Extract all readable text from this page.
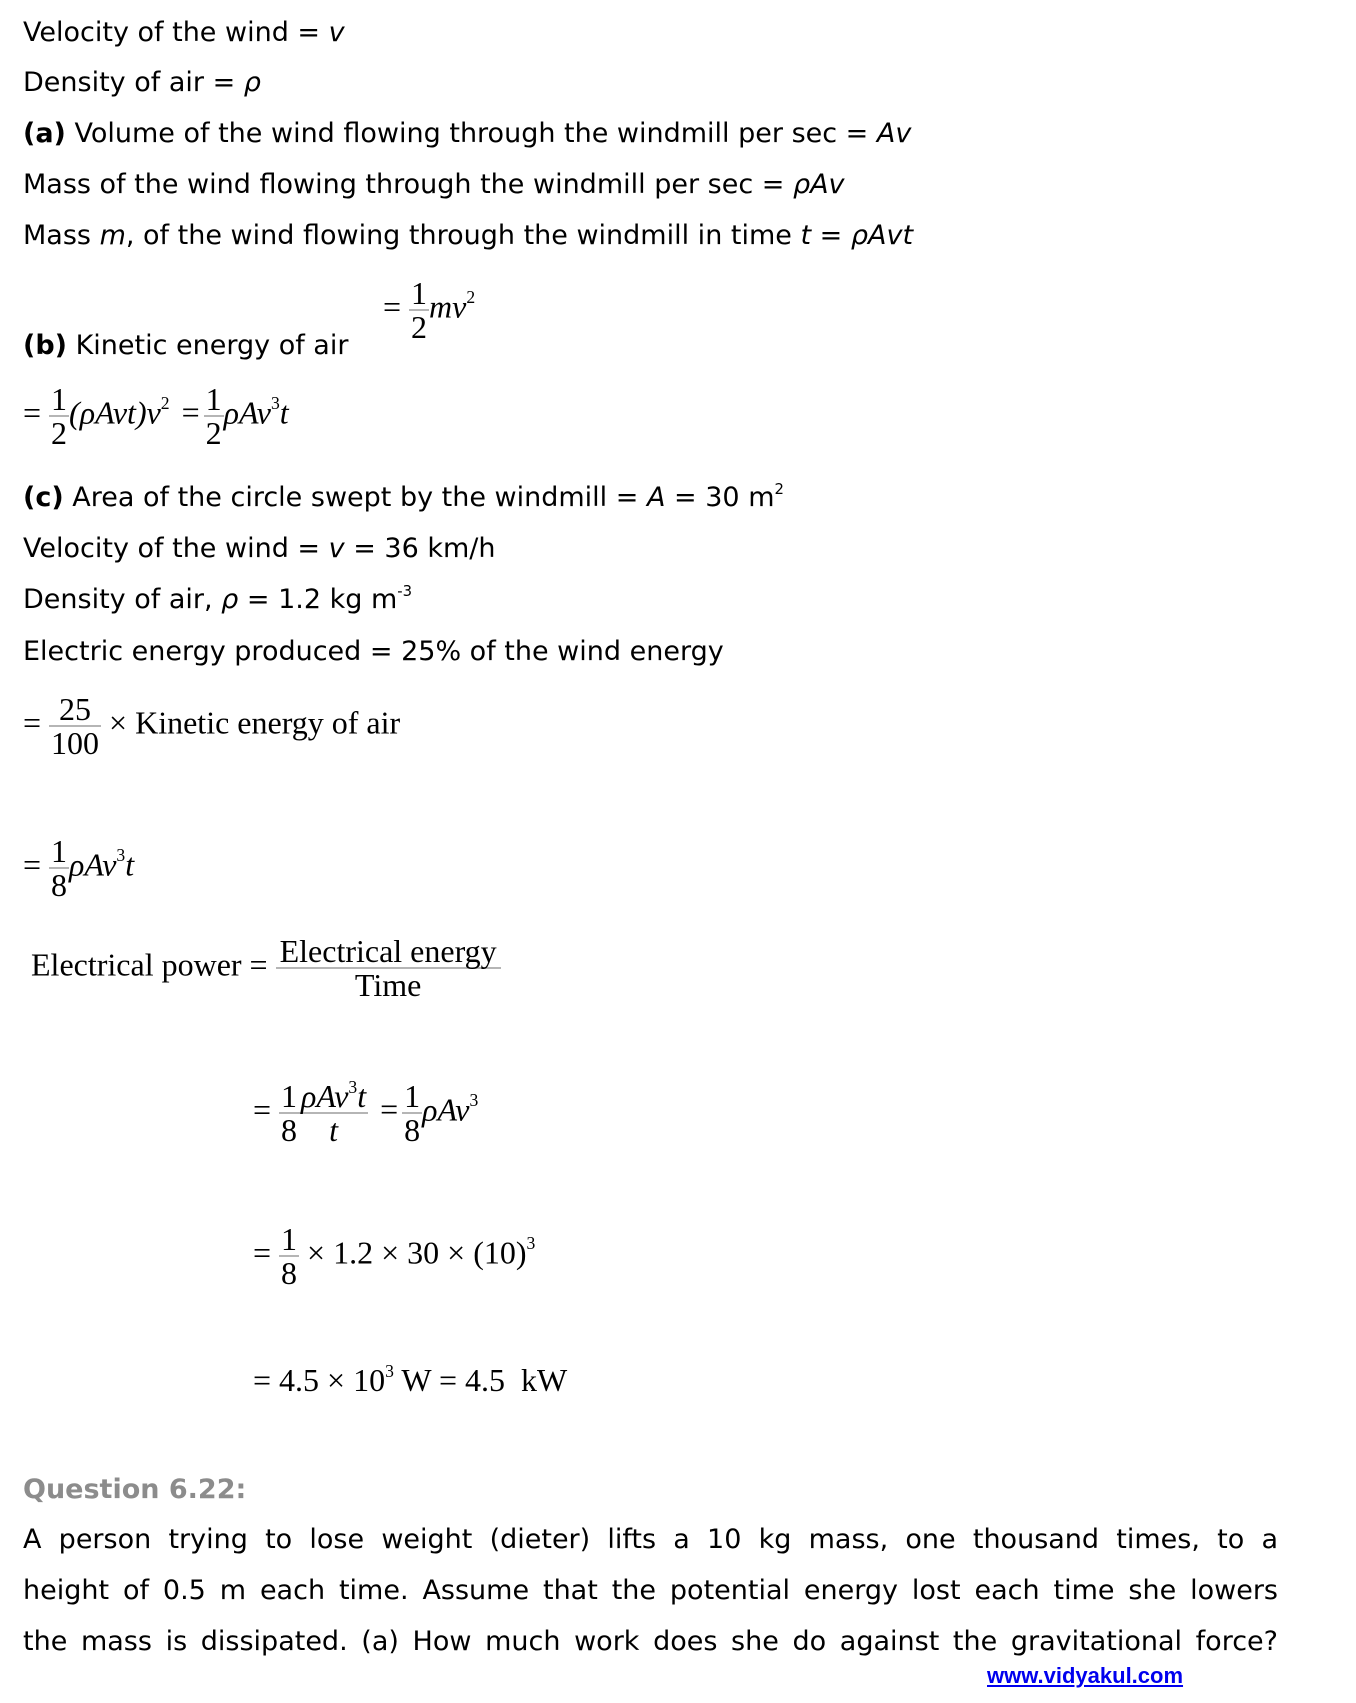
Velocity of the wind = v
Density of air = ρ
(a) Volume of the wind flowing through the windmill per sec = Av
Mass of the wind flowing through the windmill per sec = ρAv
Mass m, of the wind flowing through the windmill in time t = ρAvt
(b) Kinetic energy of air
= $\frac{1}{2} mv^2$
= $\frac{1}{2} (\rho Avt)v^2 = \frac{1}{2} \rho Av^3t$
(c) Area of the circle swept by the windmill = A = 30 $m^2$
Velocity of the wind = v = 36 km/h
Density of air, ρ = 1.2 kg $m^{-3}$
Electric energy produced = 25% of the wind energy
= $\frac{25}{100}$ × Kinetic energy of air
= $\frac{1}{8} \rho Av^3t$
Electrical power = $\frac{\text{Electrical energy}}{\text{Time}}$
= $\frac{1}{8} \frac{\rho Av^3t}{t} = \frac{1}{8} \rho Av^3$
= $\frac{1}{8} \times 1.2 \times 30 \times (10)^3$
= $4.5 \times 10^3$ W = 4.5  kW
Question 6.22:
A person trying to lose weight (dieter) lifts a 10 kg mass, one thousand times, to a
height of 0.5 m each time. Assume that the potential energy lost each time she lowers
the mass is dissipated. (a) How much work does she do against the gravitational force?
www.vidyakul.com
